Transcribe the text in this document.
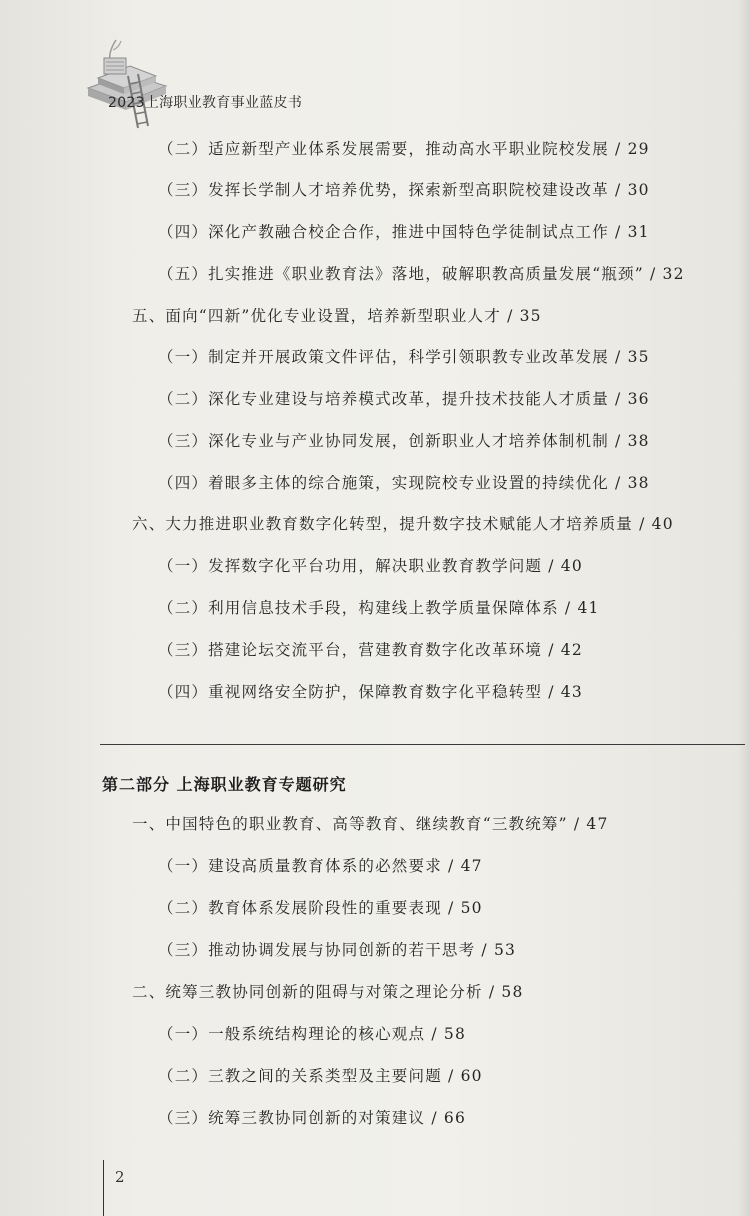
2023上海职业教育事业蓝皮书
（二）适应新型产业体系发展需要，推动高水平职业院校发展 / 29
（三）发挥长学制人才培养优势，探索新型高职院校建设改革 / 30
（四）深化产教融合校企合作，推进中国特色学徒制试点工作 / 31
（五）扎实推进《职业教育法》落地，破解职教高质量发展“瓶颈” / 32
五、面向“四新”优化专业设置，培养新型职业人才 / 35
（一）制定并开展政策文件评估，科学引领职教专业改革发展 / 35
（二）深化专业建设与培养模式改革，提升技术技能人才质量 / 36
（三）深化专业与产业协同发展，创新职业人才培养体制机制 / 38
（四）着眼多主体的综合施策，实现院校专业设置的持续优化 / 38
六、大力推进职业教育数字化转型，提升数字技术赋能人才培养质量 / 40
（一）发挥数字化平台功用，解决职业教育教学问题 / 40
（二）利用信息技术手段，构建线上教学质量保障体系 / 41
（三）搭建论坛交流平台，营建教育数字化改革环境 / 42
（四）重视网络安全防护，保障教育数字化平稳转型 / 43
第二部分 上海职业教育专题研究
一、中国特色的职业教育、高等教育、继续教育“三教统筹” / 47
（一）建设高质量教育体系的必然要求 / 47
（二）教育体系发展阶段性的重要表现 / 50
（三）推动协调发展与协同创新的若干思考 / 53
二、统筹三教协同创新的阻碍与对策之理论分析 / 58
（一）一般系统结构理论的核心观点 / 58
（二）三教之间的关系类型及主要问题 / 60
（三）统筹三教协同创新的对策建议 / 66
2
